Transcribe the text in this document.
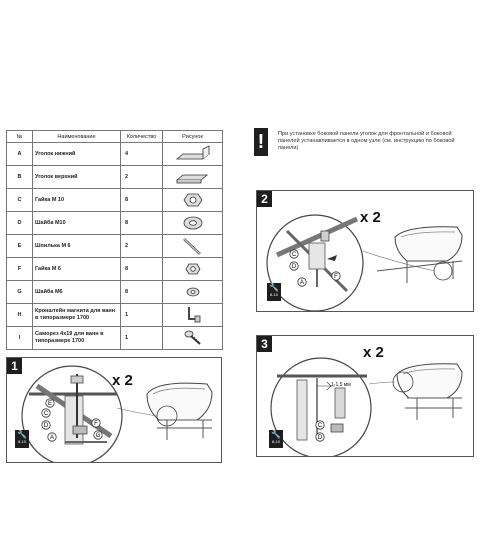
№	Наименование	Количество	Рисунок
A	Уголок нижний	4	

B	Уголок верхний	2	

C	Гайка М 10	8	

D	Шайба М10	8	

E	Шпилька М 6	2	

F	Гайка М 6	8	

G	Шайба М6	8	

H	Кронштейн магнита для ванн в типоразмере 1700	1	

I	Саморез 4х19 для ванн в типоразмере 1700	1	
!	При установке боковой панели уголок для фронтальной и боковой панелей устанавливается в одном узле (см. инструкцию по боковой панели)
1
x 2
C
D
E
F
G
A
🔧
8-10
2
x 2
C
D
F
A
🔧
8-10
3	x 2
1-1,5 мм
C
D
🔧
8-10
